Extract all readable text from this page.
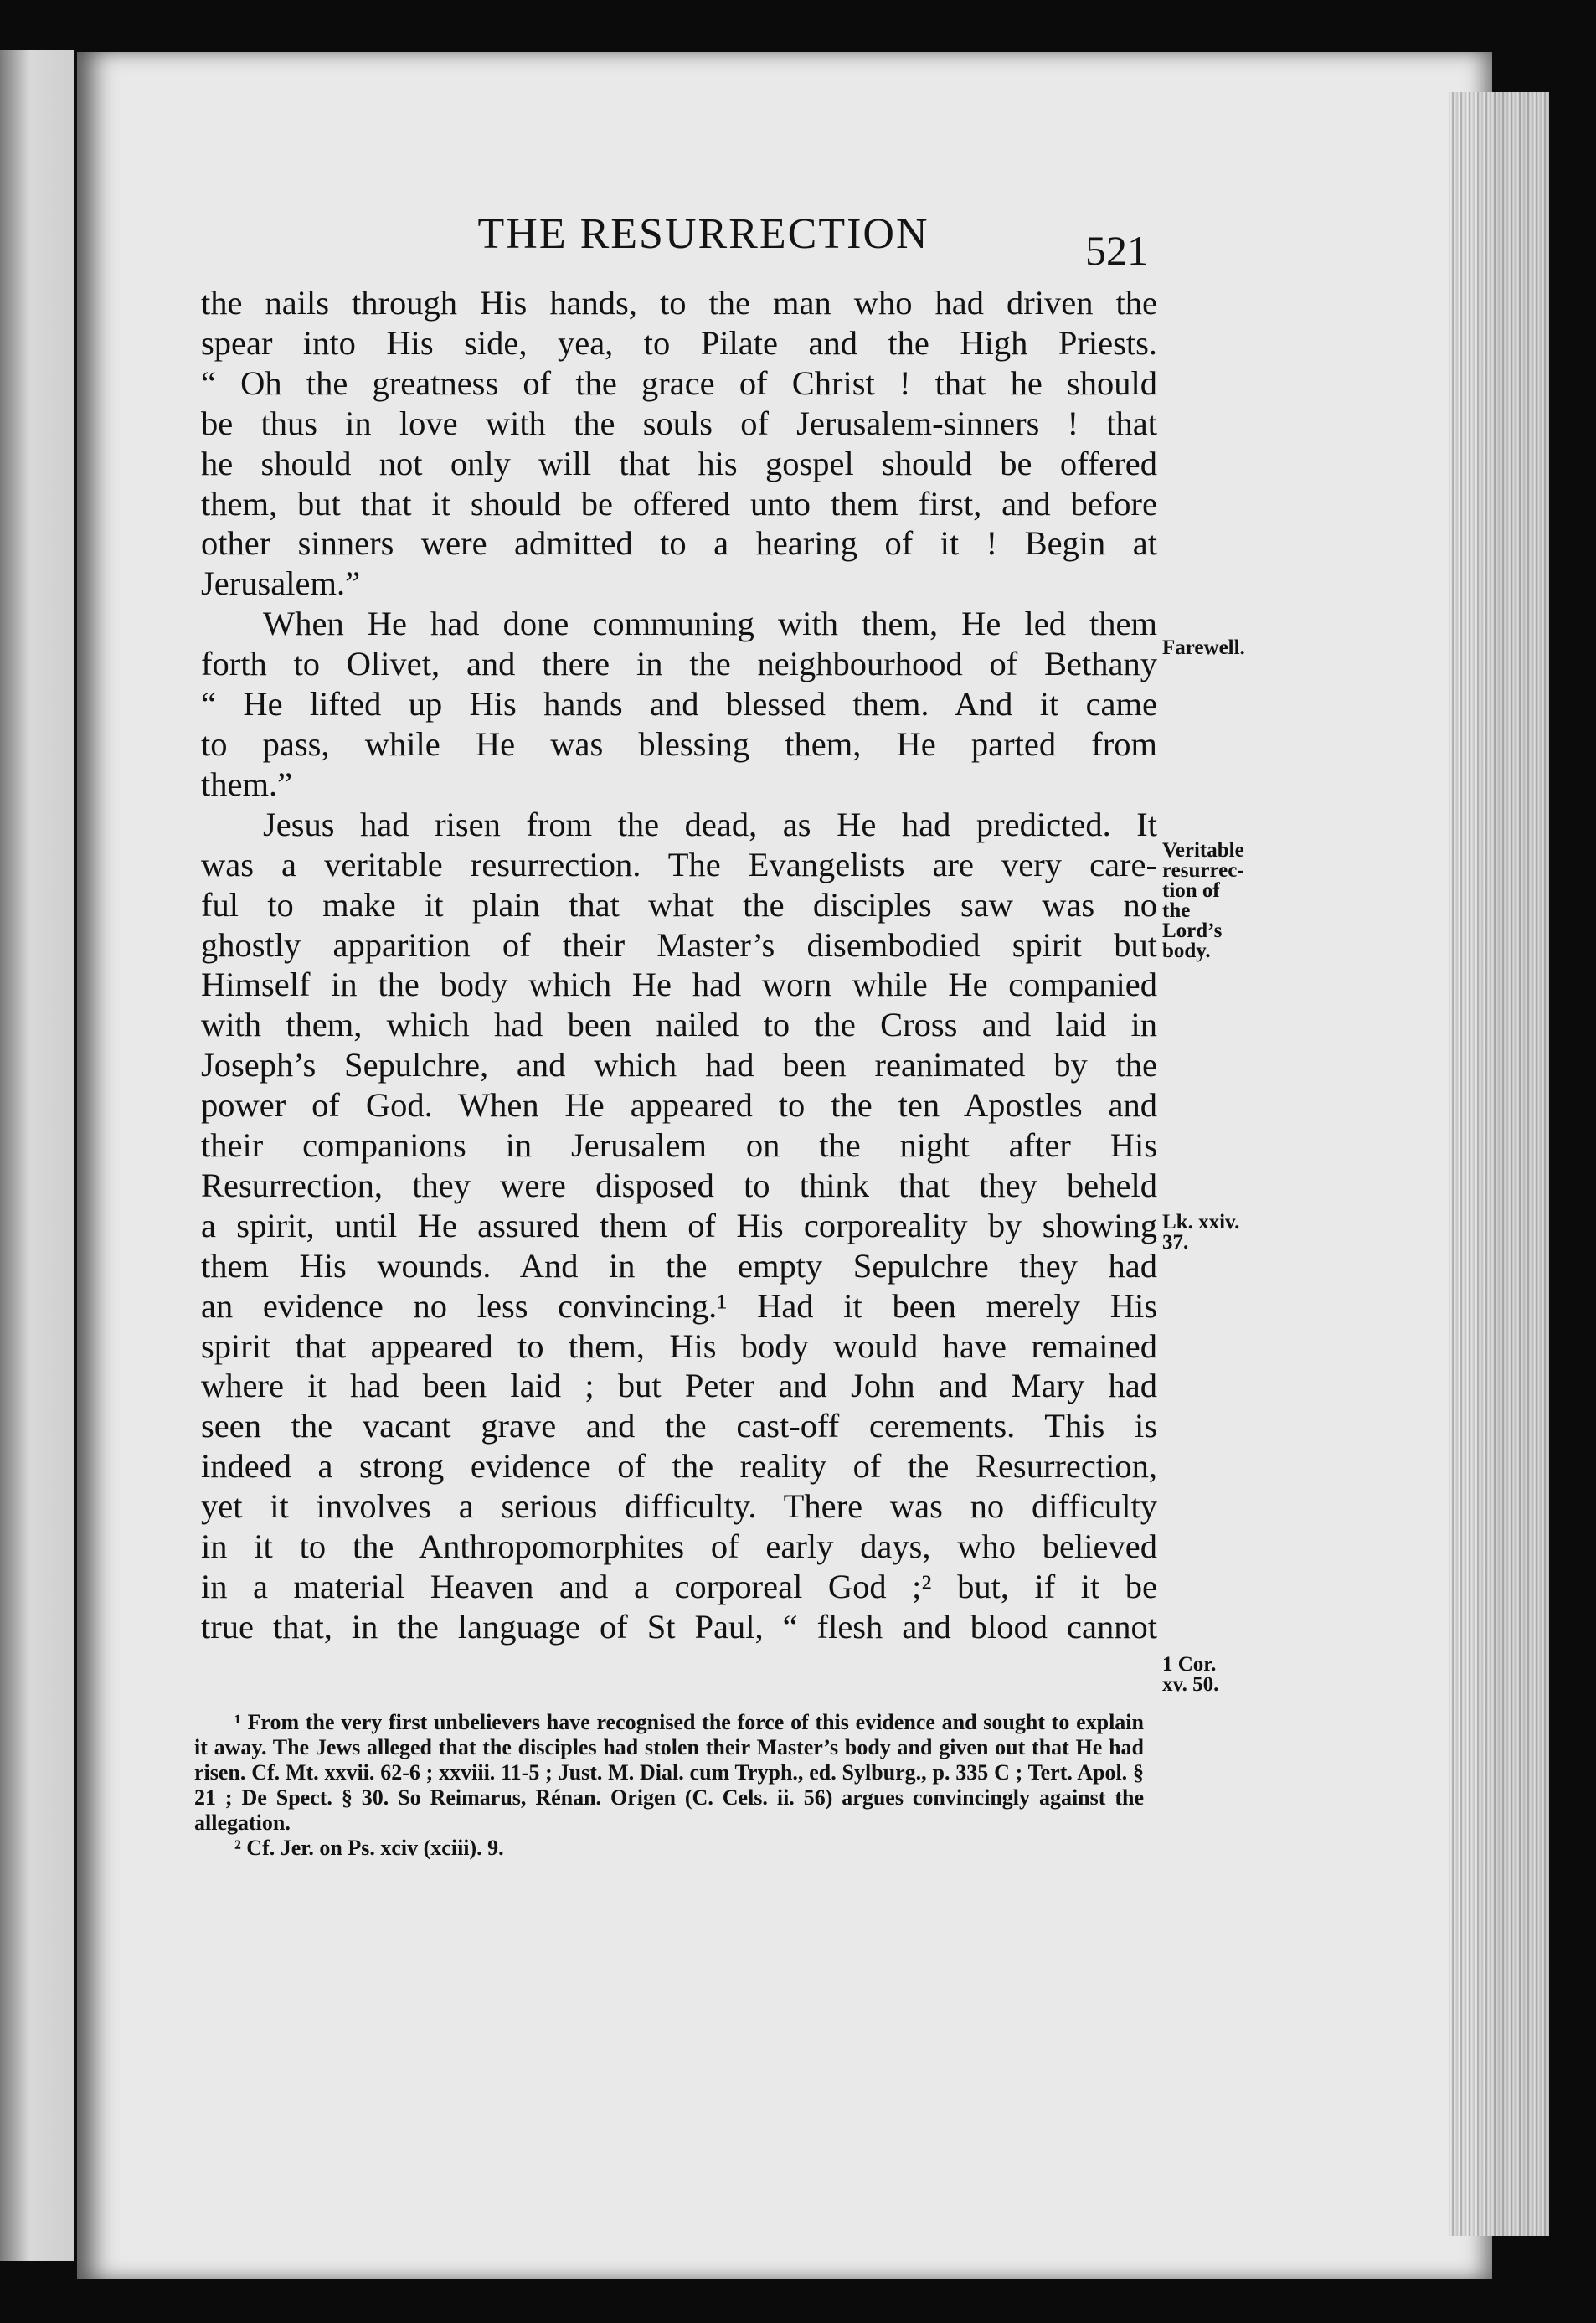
THE RESURRECTION	521

the nails through His hands, to the man who had driven the
spear into His side, yea, to Pilate and the High Priests.
“ Oh the greatness of the grace of Christ ! that he should
be thus in love with the souls of Jerusalem-sinners ! that
he should not only will that his gospel should be offered
them, but that it should be offered unto them first, and before
other sinners were admitted to a hearing of it ! Begin at
Jerusalem.”

When He had done communing with them, He led them
forth to Olivet, and there in the neighbourhood of Bethany
“ He lifted up His hands and blessed them. And it came
to pass, while He was blessing them, He parted from
them.”

Jesus had risen from the dead, as He had predicted. It
was a veritable resurrection. The Evangelists are very care-
ful to make it plain that what the disciples saw was no
ghostly apparition of their Master’s disembodied spirit but
Himself in the body which He had worn while He companied
with them, which had been nailed to the Cross and laid in
Joseph’s Sepulchre, and which had been reanimated by the
power of God. When He appeared to the ten Apostles and
their companions in Jerusalem on the night after His
Resurrection, they were disposed to think that they beheld
a spirit, until He assured them of His corporeality by showing
them His wounds. And in the empty Sepulchre they had
an evidence no less convincing.¹ Had it been merely His
spirit that appeared to them, His body would have remained
where it had been laid ; but Peter and John and Mary had
seen the vacant grave and the cast-off cerements. This is
indeed a strong evidence of the reality of the Resurrection,
yet it involves a serious difficulty. There was no difficulty
in it to the Anthropomorphites of early days, who believed
in a material Heaven and a corporeal God ;² but, if it be
true that, in the language of St Paul, “ flesh and blood cannot

Farewell.
Veritable resurrec-tion of the Lord’s body.
Lk. xxiv. 37.
1 Cor. xv. 50.

¹ From the very first unbelievers have recognised the force of this evidence and sought to explain it away. The Jews alleged that the disciples had stolen their Master’s body and given out that He had risen. Cf. Mt. xxvii. 62-6 ; xxviii. 11-5 ; Just. M. Dial. cum Tryph., ed. Sylburg., p. 335 C ; Tert. Apol. § 21 ; De Spect. § 30. So Reimarus, Rénan. Origen (C. Cels. ii. 56) argues convincingly against the allegation.

² Cf. Jer. on Ps. xciv (xciii). 9.
